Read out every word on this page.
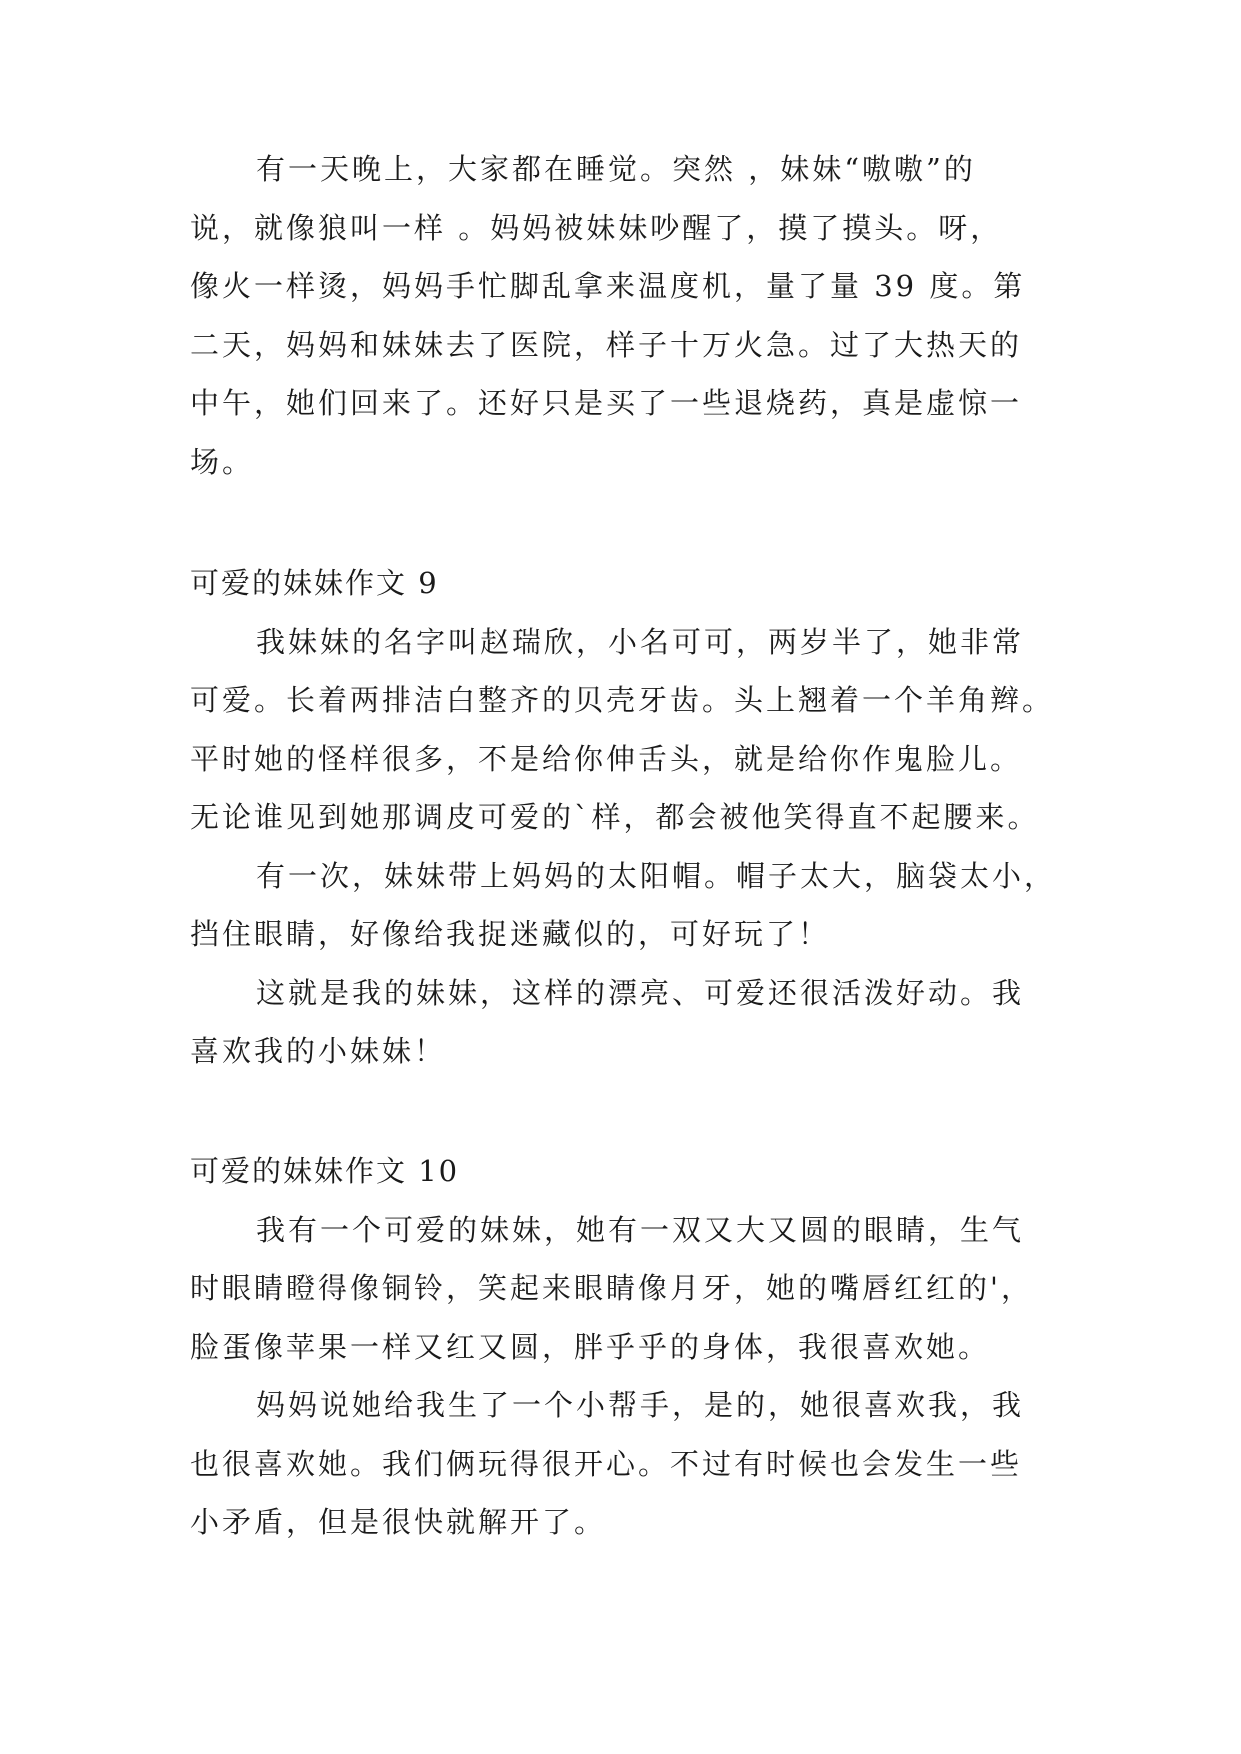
有一天晚上，大家都在睡觉。突然 ，妹妹“嗷嗷”的
说，就像狼叫一样 。妈妈被妹妹吵醒了，摸了摸头。呀，
像火一样烫，妈妈手忙脚乱拿来温度机，量了量 39 度。第
二天，妈妈和妹妹去了医院，样子十万火急。过了大热天的
中午，她们回来了。还好只是买了一些退烧药，真是虚惊一
场。
可爱的妹妹作文 9
我妹妹的名字叫赵瑞欣，小名可可，两岁半了，她非常
可爱。长着两排洁白整齐的贝壳牙齿。头上翘着一个羊角辫。
平时她的怪样很多，不是给你伸舌头，就是给你作鬼脸儿。
无论谁见到她那调皮可爱的`样，都会被他笑得直不起腰来。
有一次，妹妹带上妈妈的太阳帽。帽子太大，脑袋太小，
挡住眼睛，好像给我捉迷藏似的，可好玩了！
这就是我的妹妹，这样的漂亮、可爱还很活泼好动。我
喜欢我的小妹妹！
可爱的妹妹作文 10
我有一个可爱的妹妹，她有一双又大又圆的眼睛，生气
时眼睛瞪得像铜铃，笑起来眼睛像月牙，她的嘴唇红红的'，
脸蛋像苹果一样又红又圆，胖乎乎的身体，我很喜欢她。
妈妈说她给我生了一个小帮手，是的，她很喜欢我，我
也很喜欢她。我们俩玩得很开心。不过有时候也会发生一些
小矛盾，但是很快就解开了。
